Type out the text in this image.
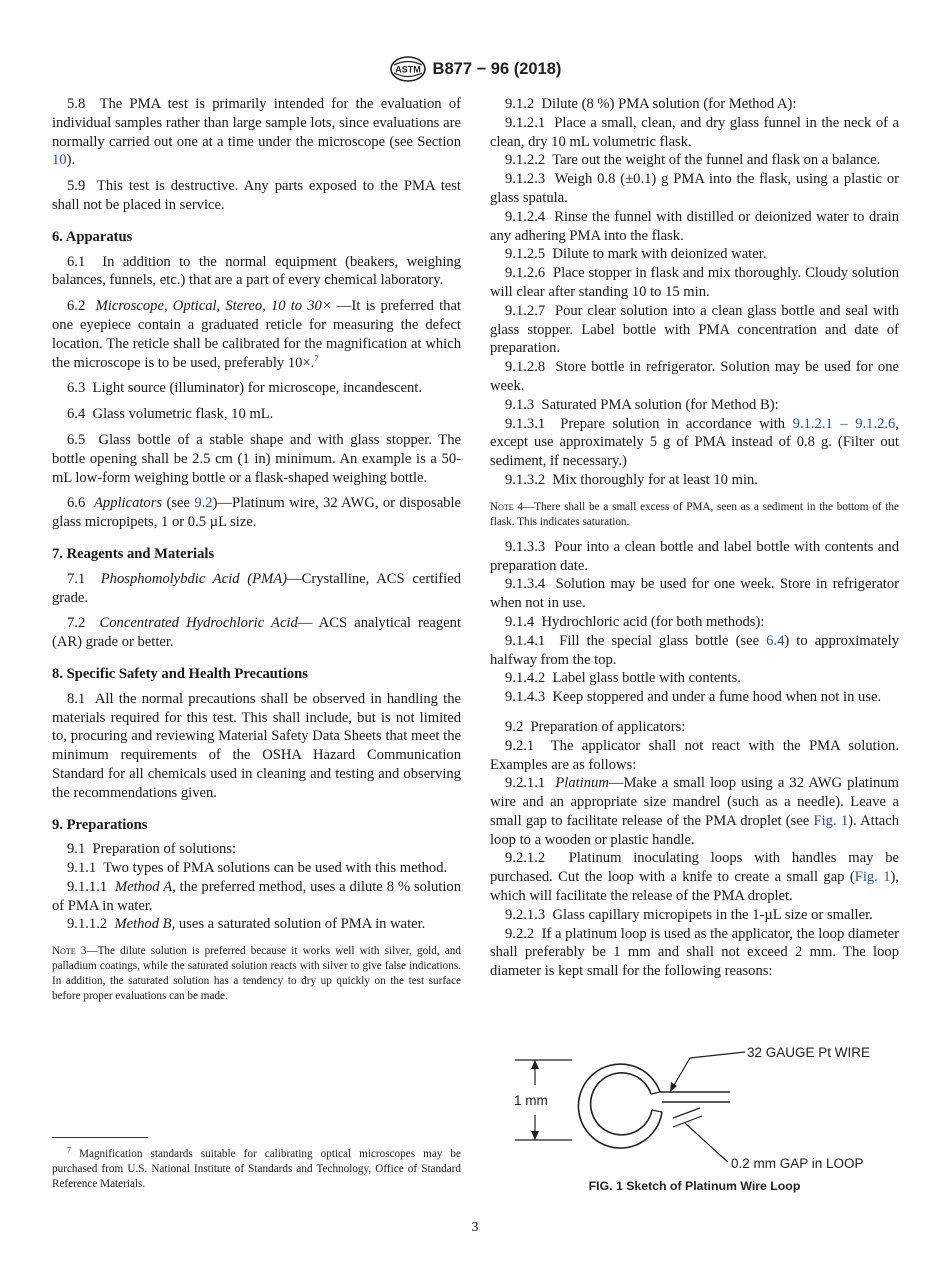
ASTM B877 − 96 (2018)

5.8 The PMA test is primarily intended for the evaluation of individual samples rather than large sample lots, since evaluations are normally carried out one at a time under the microscope (see Section 10).

5.9 This test is destructive. Any parts exposed to the PMA test shall not be placed in service.

6. Apparatus

6.1 In addition to the normal equipment (beakers, weighing balances, funnels, etc.) that are a part of every chemical laboratory.

6.2 Microscope, Optical, Stereo, 10 to 30× —It is preferred that one eyepiece contain a graduated reticle for measuring the defect location. The reticle shall be calibrated for the magnification at which the microscope is to be used, preferably 10×.$^7$

6.3 Light source (illuminator) for microscope, incandescent.

6.4 Glass volumetric flask, 10 mL.

6.5 Glass bottle of a stable shape and with glass stopper. The bottle opening shall be 2.5 cm (1 in) minimum. An example is a 50-mL low-form weighing bottle or a flask-shaped weighing bottle.

6.6 Applicators (see 9.2)—Platinum wire, 32 AWG, or disposable glass micropipets, 1 or 0.5 µL size.

7. Reagents and Materials

7.1 Phosphomolybdic Acid (PMA)—Crystalline, ACS certified grade.

7.2 Concentrated Hydrochloric Acid— ACS analytical reagent (AR) grade or better.

8. Specific Safety and Health Precautions

8.1 All the normal precautions shall be observed in handling the materials required for this test. This shall include, but is not limited to, procuring and reviewing Material Safety Data Sheets that meet the minimum requirements of the OSHA Hazard Communication Standard for all chemicals used in cleaning and testing and observing the recommendations given.

9. Preparations

9.1 Preparation of solutions:

9.1.1 Two types of PMA solutions can be used with this method.

9.1.1.1 Method A, the preferred method, uses a dilute 8 % solution of PMA in water.

9.1.1.2 Method B, uses a saturated solution of PMA in water.

Note 3—The dilute solution is preferred because it works well with silver, gold, and palladium coatings, while the saturated solution reacts with silver to give false indications. In addition, the saturated solution has a tendency to dry up quickly on the test surface before proper evaluations can be made.

$^7$ Magnification standards suitable for calibrating optical microscopes may be purchased from U.S. National Institute of Standards and Technology, Office of Standard Reference Materials.

9.1.2 Dilute (8 %) PMA solution (for Method A):

9.1.2.1 Place a small, clean, and dry glass funnel in the neck of a clean, dry 10 mL volumetric flask.

9.1.2.2 Tare out the weight of the funnel and flask on a balance.

9.1.2.3 Weigh 0.8 (±0.1) g PMA into the flask, using a plastic or glass spatula.

9.1.2.4 Rinse the funnel with distilled or deionized water to drain any adhering PMA into the flask.

9.1.2.5 Dilute to mark with deionized water.

9.1.2.6 Place stopper in flask and mix thoroughly. Cloudy solution will clear after standing 10 to 15 min.

9.1.2.7 Pour clear solution into a clean glass bottle and seal with glass stopper. Label bottle with PMA concentration and date of preparation.

9.1.2.8 Store bottle in refrigerator. Solution may be used for one week.

9.1.3 Saturated PMA solution (for Method B):

9.1.3.1 Prepare solution in accordance with 9.1.2.1 – 9.1.2.6, except use approximately 5 g of PMA instead of 0.8 g. (Filter out sediment, if necessary.)

9.1.3.2 Mix thoroughly for at least 10 min.

Note 4—There shall be a small excess of PMA, seen as a sediment in the bottom of the flask. This indicates saturation.

9.1.3.3 Pour into a clean bottle and label bottle with contents and preparation date.

9.1.3.4 Solution may be used for one week. Store in refrigerator when not in use.

9.1.4 Hydrochloric acid (for both methods):

9.1.4.1 Fill the special glass bottle (see 6.4) to approximately halfway from the top.

9.1.4.2 Label glass bottle with contents.

9.1.4.3 Keep stoppered and under a fume hood when not in use.

9.2 Preparation of applicators:

9.2.1 The applicator shall not react with the PMA solution. Examples are as follows:

9.2.1.1 Platinum—Make a small loop using a 32 AWG platinum wire and an appropriate size mandrel (such as a needle). Leave a small gap to facilitate release of the PMA droplet (see Fig. 1). Attach loop to a wooden or plastic handle.

9.2.1.2 Platinum inoculating loops with handles may be purchased. Cut the loop with a knife to create a small gap (Fig. 1), which will facilitate the release of the PMA droplet.

9.2.1.3 Glass capillary micropipets in the 1-µL size or smaller.

9.2.2 If a platinum loop is used as the applicator, the loop diameter shall preferably be 1 mm and shall not exceed 2 mm. The loop diameter is kept small for the following reasons:

1 mm
32 GAUGE Pt WIRE
0.2 mm GAP in LOOP
FIG. 1 Sketch of Platinum Wire Loop
3
